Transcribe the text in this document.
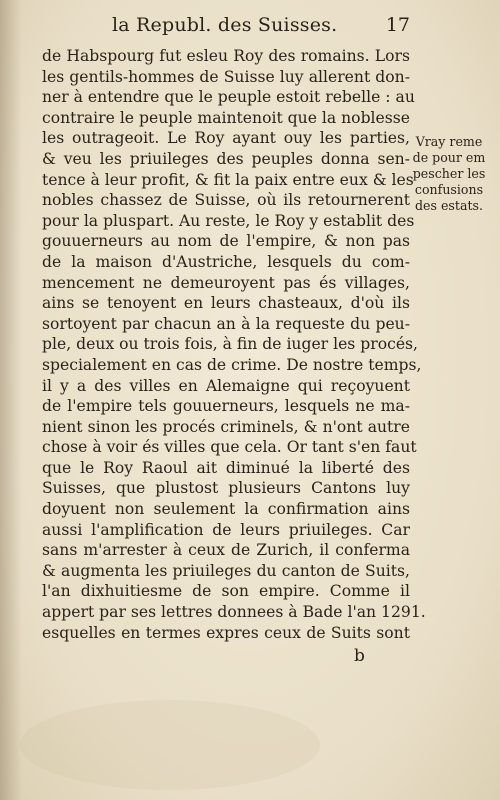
la Republ. des Suisses.	17
de Habspourg fut esleu Roy des romains. Lors
les gentils-hommes de Suisse luy allerent don-
ner à entendre que le peuple estoit rebelle : au
contraire le peuple maintenoit que la noblesse
les outrageoit. Le Roy ayant ouy les parties,
& veu les priuileges des peuples donna sen-
tence à leur profit, & fit la paix entre eux & les
nobles chassez de Suisse, où ils retournerent
pour la pluspart. Au reste, le Roy y establit des
gouuerneurs au nom de l'empire, & non pas
de la maison d'Austriche, lesquels du com-
mencement ne demeuroyent pas és villages,
ains se tenoyent en leurs chasteaux, d'où ils
sortoyent par chacun an à la requeste du peu-
ple, deux ou trois fois, à fin de iuger les procés,
specialement en cas de crime. De nostre temps,
il y a des villes en Alemaigne qui reçoyuent
de l'empire tels gouuerneurs, lesquels ne ma-
nient sinon les procés criminels, & n'ont autre
chose à voir és villes que cela. Or tant s'en faut
que le Roy Raoul ait diminué la liberté des
Suisses, que plustost plusieurs Cantons luy
doyuent non seulement la confirmation ains
aussi l'amplification de leurs priuileges. Car
sans m'arrester à ceux de Zurich, il conferma
& augmenta les priuileges du canton de Suits,
l'an dixhuitiesme de son empire. Comme il
appert par ses lettres donnees à Bade l'an 1291.
esquelles en termes expres ceux de Suits sont
Vray reme
de pour em
pescher les
confusions
des estats.
b
